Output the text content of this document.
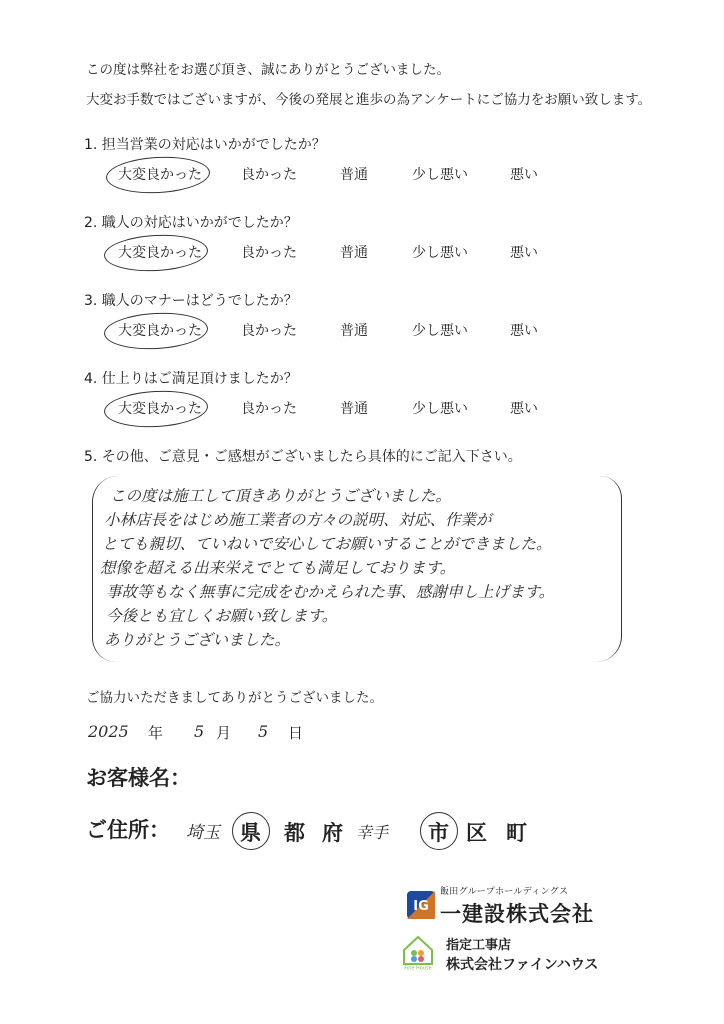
この度は弊社をお選び頂き、誠にありがとうございました。
大変お手数ではございますが、今後の発展と進歩の為アンケートにご協力をお願い致します。
1. 担当営業の対応はいかがでしたか？
大変良かった	良かった	普通	少し悪い	悪い
2. 職人の対応はいかがでしたか？
大変良かった	良かった	普通	少し悪い	悪い
3. 職人のマナーはどうでしたか？
大変良かった	良かった	普通	少し悪い	悪い
4. 仕上りはご満足頂けましたか？
大変良かった	良かった	普通	少し悪い	悪い
5. その他、ご意見・ご感想がございましたら具体的にご記入下さい。
この度は施工して頂きありがとうございました。
小林店長をはじめ施工業者の方々の説明、対応、作業が
とても親切、ていねいで安心してお願いすることができました。
想像を超える出来栄えでとても満足しております。
事故等もなく無事に完成をむかえられた事、感謝申し上げます。
今後とも宜しくお願い致します。
ありがとうございました。
ご協力いただきましてありがとうございました。
2025 年 5 月 5 日
お客様名：
ご住所： 埼玉 県 都 府 幸手 市 区 町
IG
飯田グループホールディングス
一建設株式会社
Fine House
指定工事店
株式会社ファインハウス
